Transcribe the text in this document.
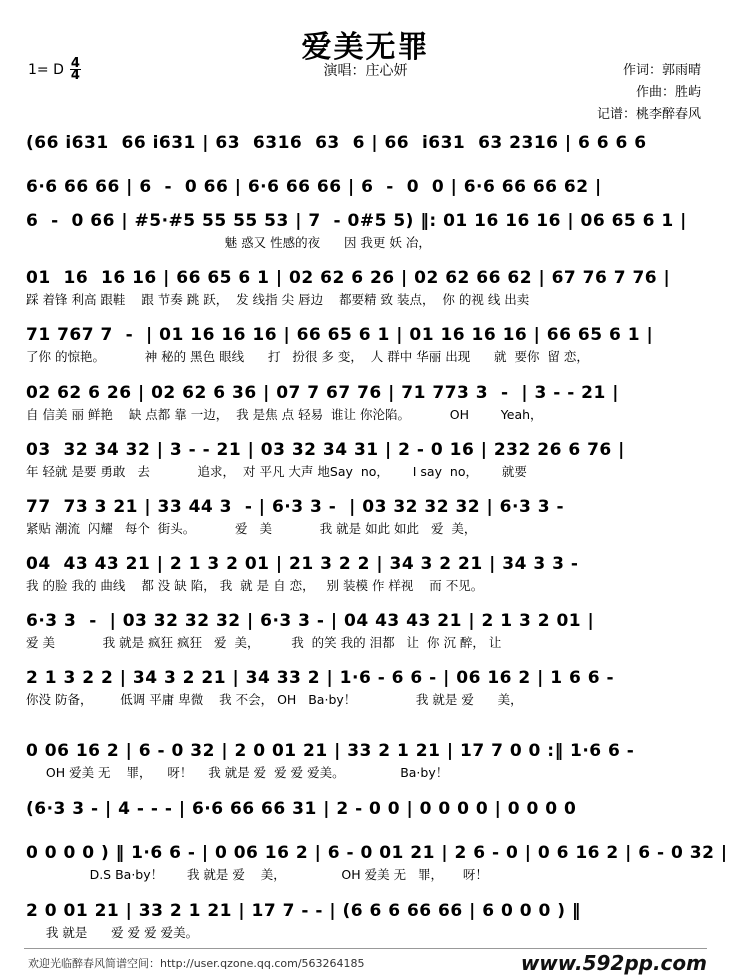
爱美无罪
演唱：庄心妍	作词：郭雨晴
作曲：胜屿
记谱：桃李醉春风
1= D $\frac{4}{4}$
(66 i631  66 i631 | 63  6316  63  6 | 66  i631  63 2316 | 6 6 6 6
6·6 66 66 | 6  -  0 66 | 6·6 66 66 | 6  -  0  0 | 6·6 66 66 62 |
6  -  0 66 | #5·#5 55 55 53 | 7  - 0#5 5) ‖: 01 16 16 16 | 06 65 6 1 |
魅 惑又 性感的夜      因 我更 妖 冶，
01  16  16 16 | 66 65 6 1 | 02 62 6 26 | 02 62 66 62 | 67 76 7 76 |
踩 着锋 利高 跟鞋    跟 节奏 跳 跃，  发 线指 尖 唇边    都要精 致 装点，  你 的视 线 出卖
71 767 7  -  | 01 16 16 16 | 66 65 6 1 | 01 16 16 16 | 66 65 6 1 |
了你 的惊艳。          神 秘的 黑色 眼线      打   扮很 多 变，  人 群中 华丽 出现      就  要你  留 恋，
02 62 6 26 | 02 62 6 36 | 07 7 67 76 | 71 773 3  -  | 3 - - 21 |
自 信美 丽 鲜艳    缺 点都 靠 一边，  我 是焦 点 轻易  谁让 你沦陷。          OH        Yeah，
03  32 34 32 | 3 - - 21 | 03 32 34 31 | 2 - 0 16 | 232 26 6 76 |
年 轻就 是要 勇敢   去            追求，  对 平凡 大声 地Say  no，      I say  no，      就要
77  73 3 21 | 33 44 3  - | 6·3 3 -  | 03 32 32 32 | 6·3 3 -
紧贴 潮流  闪耀   每个  街头。          爱   美            我 就是 如此 如此   爱  美，
04  43 43 21 | 2 1 3 2 01 | 21 3 2 2 | 34 3 2 21 | 34 3 3 -
我 的脸 我的 曲线    都 没 缺 陷， 我  就 是 自 恋，   别 装模 作 样视    而 不见。
6·3 3  -  | 03 32 32 32 | 6·3 3 - | 04 43 43 21 | 2 1 3 2 01 |
爱 美            我 就是 疯狂 疯狂   爱  美，        我  的笑 我的 泪都   让  你 沉 醉， 让
2 1 3 2 2 | 34 3 2 21 | 34 33 2 | 1·6 - 6 6 - | 06 16 2 | 1 6 6 -
你没 防备，       低调 平庸 卑微    我 不会， OH   Ba·by！               我 就是 爱      美，
0 06 16 2 | 6 - 0 32 | 2 0 01 21 | 33 2 1 21 | 17 7 0 0 :‖ 1·6 6 -
OH 爱美 无    罪，    呀！    我 就是 爱  爱 爱 爱美。              Ba·by！
(6·3 3 - | 4 - - - | 6·6 66 66 31 | 2 - 0 0 | 0 0 0 0 | 0 0 0 0
0 0 0 0 ) ‖ 1·6 6 - | 0 06 16 2 | 6 - 0 01 21 | 2 6 - 0 | 0 6 16 2 | 6 - 0 32 |
D.S Ba·by！      我 就是 爱    美，              OH 爱美 无   罪，     呀！
2 0 01 21 | 33 2 1 21 | 17 7 - - | (6 6 6 66 66 | 6 0 0 0 ) ‖
我 就是      爱 爱 爱 爱美。
欢迎光临醉春风简谱空间：http://user.qzone.qq.com/563264185	www.592pp.com
